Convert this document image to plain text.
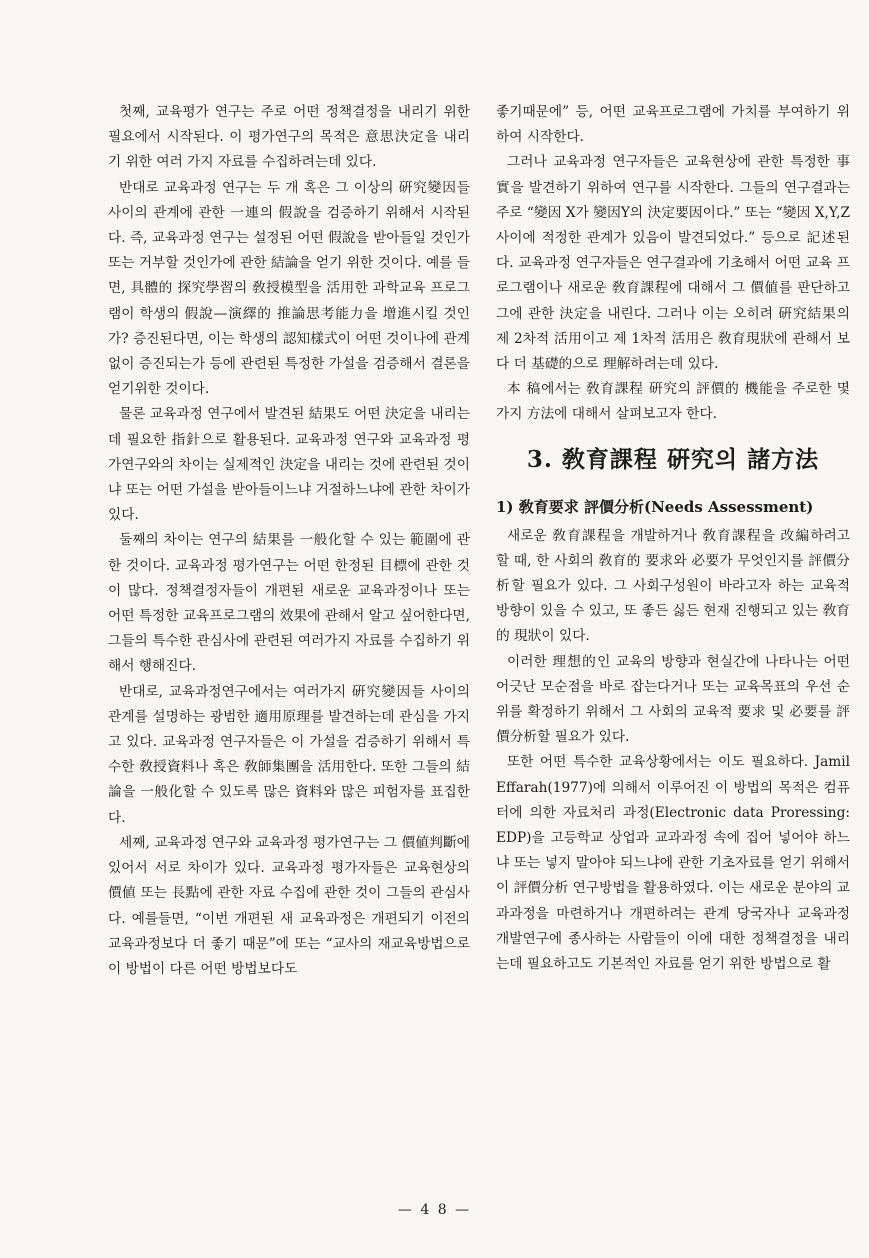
첫째, 교육평가 연구는 주로 어떤 정책결정을 내리기 위한 필요에서 시작된다. 이 평가연구의 목적은 意思決定을 내리기 위한 여러 가지 자료를 수집하려는데 있다.

반대로 교육과정 연구는 두 개 혹은 그 이상의 硏究變因들 사이의 관계에 관한 一連의 假說을 검증하기 위해서 시작된다. 즉, 교육과정 연구는 설정된 어떤 假說을 받아들일 것인가 또는 거부할 것인가에 관한 結論을 얻기 위한 것이다. 예를 들면, 具體的 探究學習의 敎授模型을 活用한 과학교육 프로그램이 학생의 假說—演繹的 推論思考能力을 增進시킬 것인가? 증진된다면, 이는 학생의 認知樣式이 어떤 것이나에 관계없이 증진되는가 등에 관련된 특정한 가설을 검증해서 결론을 얻기위한 것이다.

물론 교육과정 연구에서 발견된 結果도 어떤 決定을 내리는 데 필요한 指針으로 활용된다. 교육과정 연구와 교육과정 평가연구와의 차이는 실제적인 決定을 내리는 것에 관련된 것이냐 또는 어떤 가설을 받아들이느냐 거절하느냐에 관한 차이가 있다.

둘째의 차이는 연구의 結果를 一般化할 수 있는 範圍에 관한 것이다. 교육과정 평가연구는 어떤 한정된 目標에 관한 것이 많다. 정책결정자들이 개편된 새로운 교육과정이나 또는 어떤 특정한 교육프로그램의 效果에 관해서 알고 싶어한다면, 그들의 특수한 관심사에 관련된 여러가지 자료를 수집하기 위해서 행해진다.

반대로, 교육과정연구에서는 여러가지 硏究變因들 사이의 관계를 설명하는 광범한 適用原理를 발견하는데 관심을 가지고 있다. 교육과정 연구자들은 이 가설을 검증하기 위해서 특수한 敎授資料나 혹은 敎師集團을 活用한다. 또한 그들의 結論을 一般化할 수 있도록 많은 資料와 많은 피험자를 표집한다.

세째, 교육과정 연구와 교육과정 평가연구는 그 價値判斷에 있어서 서로 차이가 있다. 교육과정 평가자들은 교육현상의 價値 또는 長點에 관한 자료 수집에 관한 것이 그들의 관심사다. 예를들면, “이번 개편된 새 교육과정은 개편되기 이전의 교육과정보다 더 좋기 때문”에 또는 “교사의 재교육방법으로 이 방법이 다른 어떤 방법보다도

좋기때문에” 등, 어떤 교육프로그램에 가치를 부여하기 위하여 시작한다.

그러나 교육과정 연구자들은 교육현상에 관한 특정한 事實을 발견하기 위하여 연구를 시작한다. 그들의 연구결과는 주로 “變因 X가 變因Y의 決定要因이다.” 또는 “變因 X,Y,Z 사이에 적정한 관계가 있음이 발견되었다.” 등으로 記述된다. 교육과정 연구자들은 연구결과에 기초해서 어떤 교육 프로그램이나 새로운 敎育課程에 대해서 그 價値를 판단하고 그에 관한 決定을 내린다. 그러나 이는 오히려 硏究結果의 제 2차적 活用이고 제 1차적 活用은 敎育現狀에 관해서 보다 더 基礎的으로 理解하려는데 있다.

本 稿에서는 敎育課程 硏究의 評價的 機能을 주로한 몇 가지 方法에 대해서 살펴보고자 한다.

3. 敎育課程 硏究의 諸方法
1) 敎育要求 評價分析(Needs Assessment)

새로운 敎育課程을 개발하거나 敎育課程을 改編하려고 할 때, 한 사회의 敎育的 要求와 必要가 무엇인지를 評價分析할 필요가 있다. 그 사회구성원이 바라고자 하는 교육적 방향이 있을 수 있고, 또 좋든 싫든 현재 진행되고 있는 敎育的 現狀이 있다.

이러한 理想的인 교육의 방향과 현실간에 나타나는 어떤 어긋난 모순점을 바로 잡는다거나 또는 교육목표의 우선 순위를 확정하기 위해서 그 사회의 교육적 要求 및 必要를 評價分析할 필요가 있다.

또한 어떤 특수한 교육상황에서는 이도 필요하다. Jamil Effarah(1977)에 의해서 이루어진 이 방법의 목적은 컴퓨터에 의한 자료처리 과정(Electronic data Proressing: EDP)을 고등학교 상업과 교과과정 속에 집어 넣어야 하느냐 또는 넣지 말아야 되느냐에 관한 기초자료를 얻기 위해서 이 評價分析 연구방법을 활용하였다. 이는 새로운 분야의 교과과정을 마련하거나 개편하려는 관계 당국자나 교육과정 개발연구에 종사하는 사람들이 이에 대한 정책결정을 내리는데 필요하고도 기본적인 자료를 얻기 위한 방법으로 활

— 4 8 —
